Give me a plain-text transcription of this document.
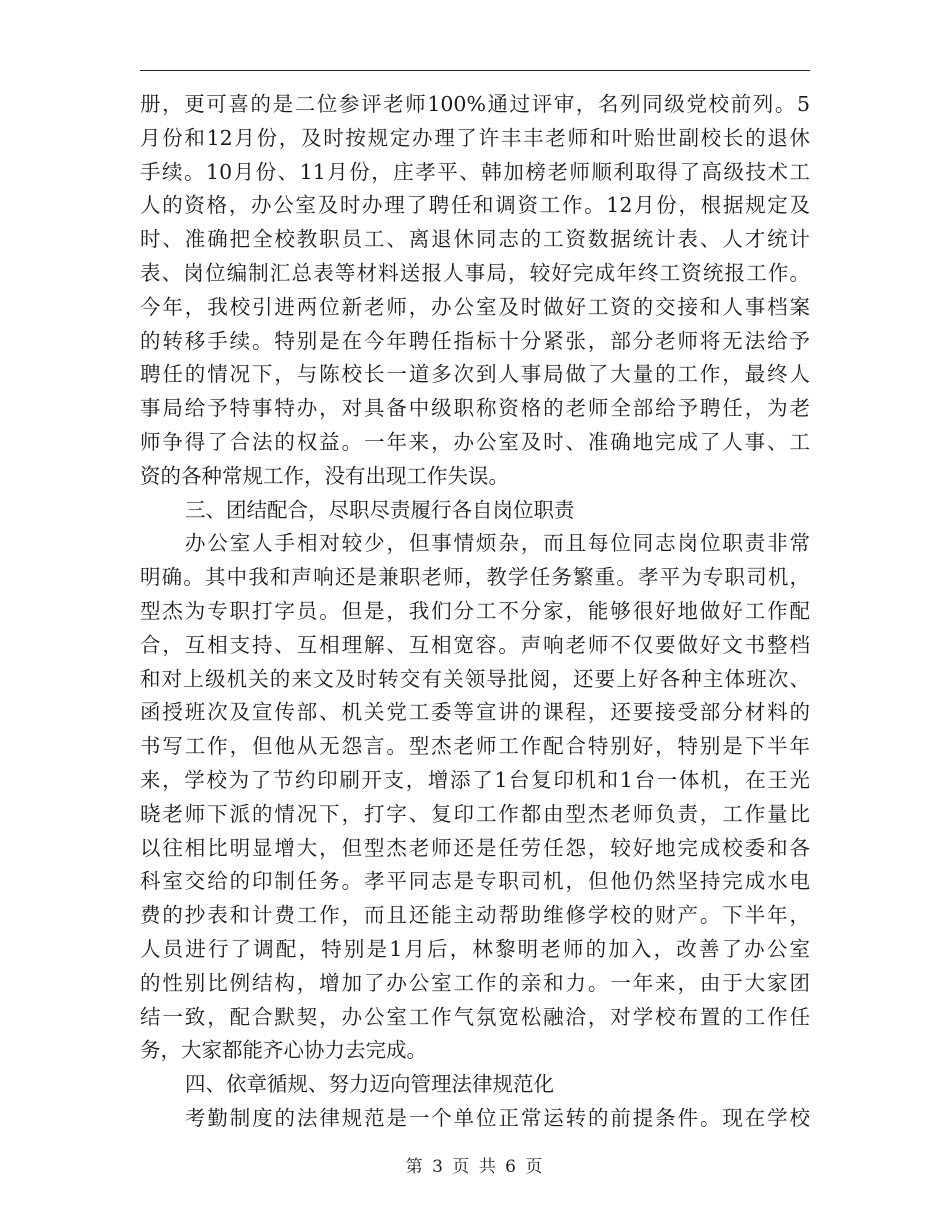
册，更可喜的是二位参评老师100%通过评审，名列同级党校前列。5
月份和12月份，及时按规定办理了许丰丰老师和叶贻世副校长的退休
手续。10月份、11月份，庄孝平、韩加榜老师顺利取得了高级技术工
人的资格，办公室及时办理了聘任和调资工作。12月份，根据规定及
时、准确把全校教职员工、离退休同志的工资数据统计表、人才统计
表、岗位编制汇总表等材料送报人事局，较好完成年终工资统报工作。
今年，我校引进两位新老师，办公室及时做好工资的交接和人事档案
的转移手续。特别是在今年聘任指标十分紧张，部分老师将无法给予
聘任的情况下，与陈校长一道多次到人事局做了大量的工作，最终人
事局给予特事特办，对具备中级职称资格的老师全部给予聘任，为老
师争得了合法的权益。一年来，办公室及时、准确地完成了人事、工
资的各种常规工作，没有出现工作失误。
三、团结配合，尽职尽责履行各自岗位职责
办公室人手相对较少，但事情烦杂，而且每位同志岗位职责非常
明确。其中我和声响还是兼职老师，教学任务繁重。孝平为专职司机，
型杰为专职打字员。但是，我们分工不分家，能够很好地做好工作配
合，互相支持、互相理解、互相宽容。声响老师不仅要做好文书整档
和对上级机关的来文及时转交有关领导批阅，还要上好各种主体班次、
函授班次及宣传部、机关党工委等宣讲的课程，还要接受部分材料的
书写工作，但他从无怨言。型杰老师工作配合特别好，特别是下半年
来，学校为了节约印刷开支，增添了1台复印机和1台一体机，在王光
晓老师下派的情况下，打字、复印工作都由型杰老师负责，工作量比
以往相比明显增大，但型杰老师还是任劳任怨，较好地完成校委和各
科室交给的印制任务。孝平同志是专职司机，但他仍然坚持完成水电
费的抄表和计费工作，而且还能主动帮助维修学校的财产。下半年，
人员进行了调配，特别是1月后，林黎明老师的加入，改善了办公室
的性别比例结构，增加了办公室工作的亲和力。一年来，由于大家团
结一致，配合默契，办公室工作气氛宽松融洽，对学校布置的工作任
务，大家都能齐心协力去完成。
四、依章循规、努力迈向管理法律规范化
考勤制度的法律规范是一个单位正常运转的前提条件。现在学校
第 3 页 共 6 页
